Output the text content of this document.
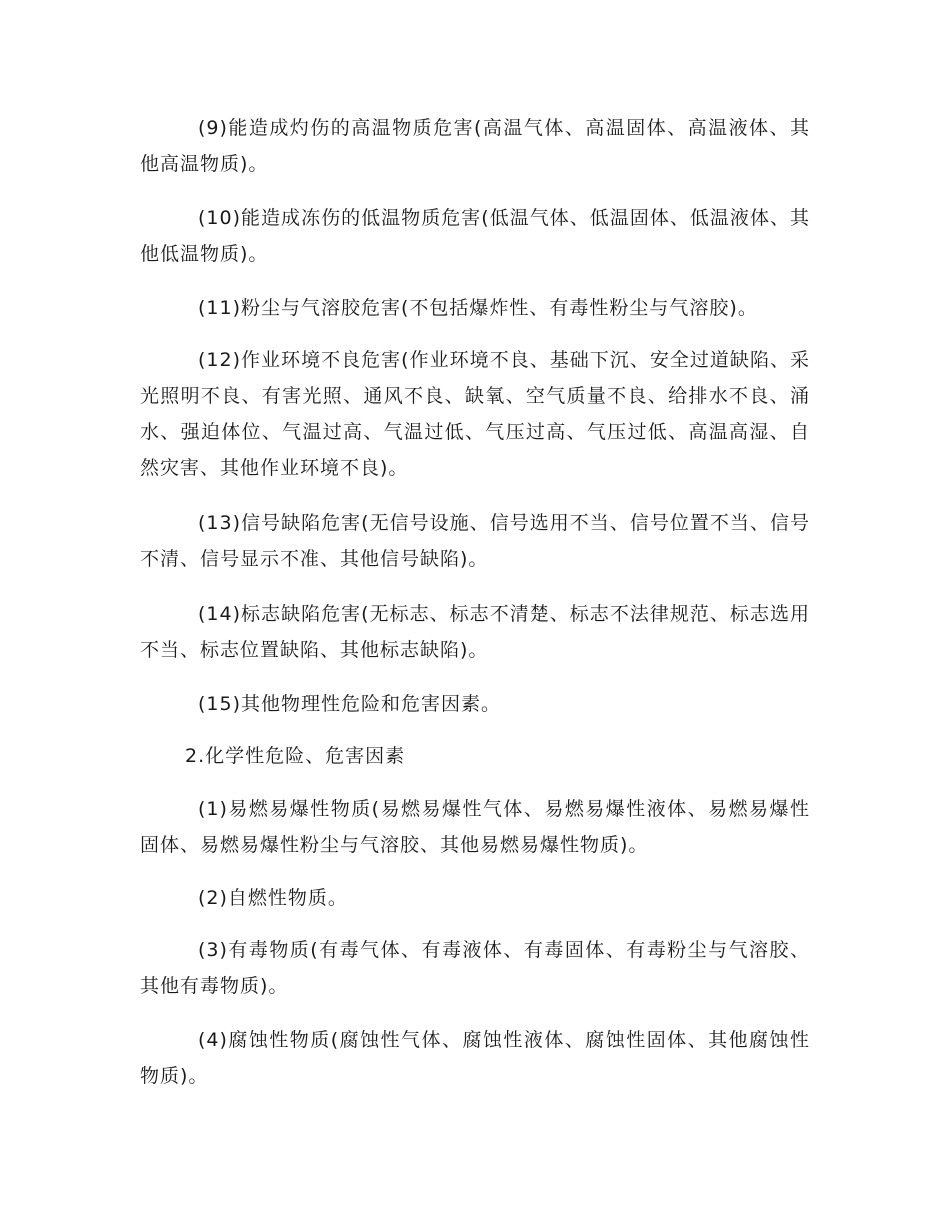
(9)能造成灼伤的高温物质危害(高温气体、高温固体、高温液体、其他高温物质)。

(10)能造成冻伤的低温物质危害(低温气体、低温固体、低温液体、其他低温物质)。

(11)粉尘与气溶胶危害(不包括爆炸性、有毒性粉尘与气溶胶)。

(12)作业环境不良危害(作业环境不良、基础下沉、安全过道缺陷、采光照明不良、有害光照、通风不良、缺氧、空气质量不良、给排水不良、涌水、强迫体位、气温过高、气温过低、气压过高、气压过低、高温高湿、自然灾害、其他作业环境不良)。

(13)信号缺陷危害(无信号设施、信号选用不当、信号位置不当、信号不清、信号显示不准、其他信号缺陷)。

(14)标志缺陷危害(无标志、标志不清楚、标志不法律规范、标志选用不当、标志位置缺陷、其他标志缺陷)。

(15)其他物理性危险和危害因素。

2.化学性危险、危害因素

(1)易燃易爆性物质(易燃易爆性气体、易燃易爆性液体、易燃易爆性固体、易燃易爆性粉尘与气溶胶、其他易燃易爆性物质)。

(2)自燃性物质。

(3)有毒物质(有毒气体、有毒液体、有毒固体、有毒粉尘与气溶胶、其他有毒物质)。

(4)腐蚀性物质(腐蚀性气体、腐蚀性液体、腐蚀性固体、其他腐蚀性物质)。
